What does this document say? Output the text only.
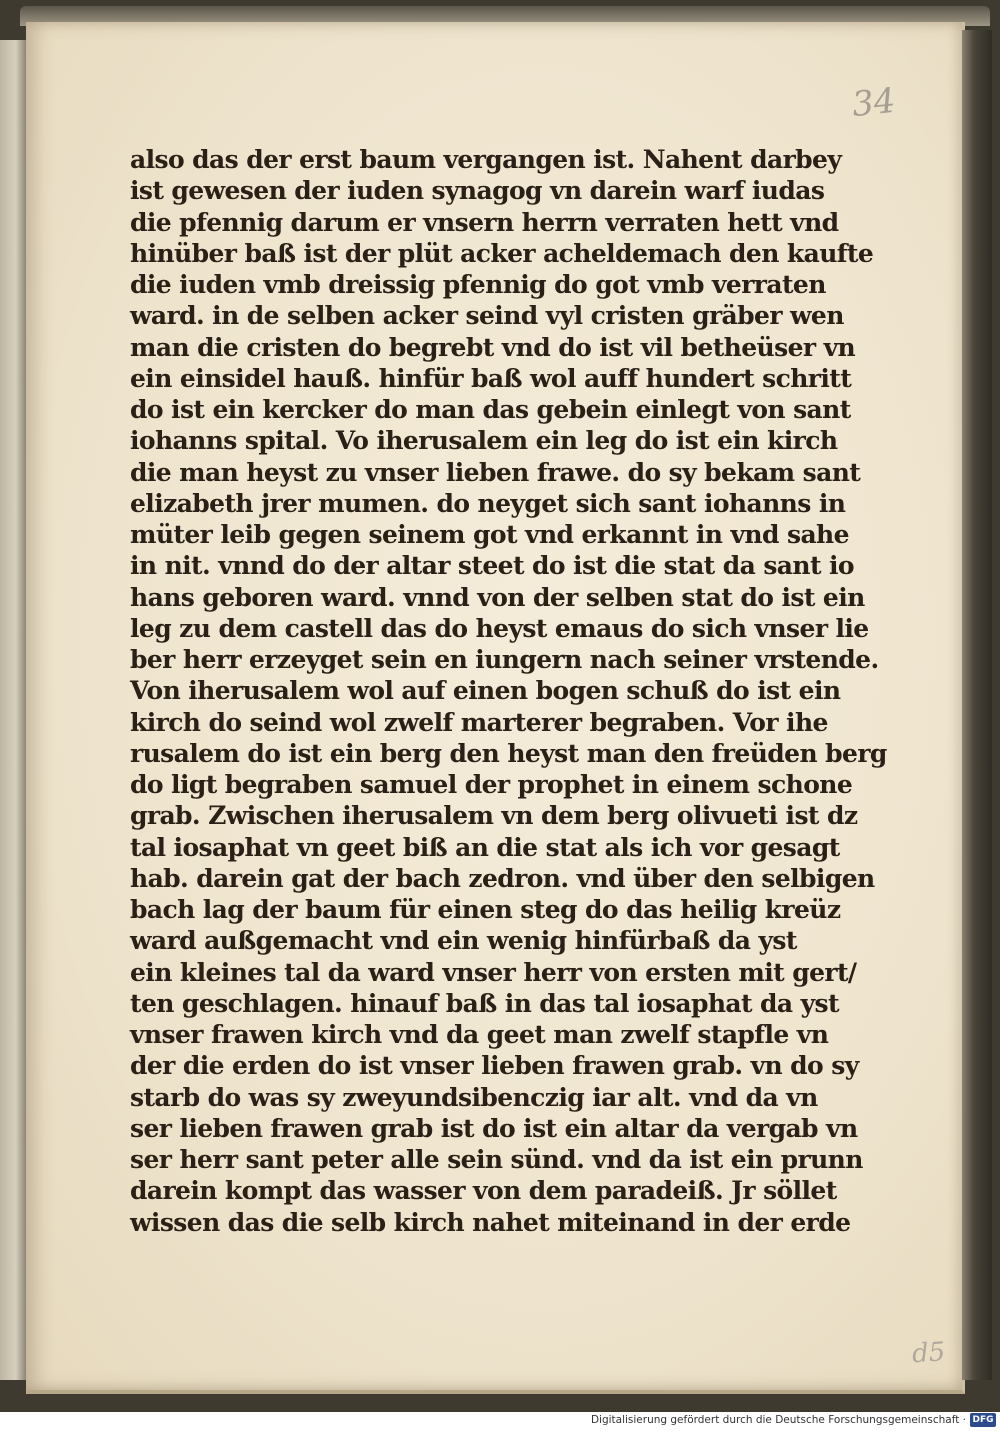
34
also das der erst baum vergangen ist. Nahent darbey
ist gewesen der iuden synagog vn darein warf iudas
die pfennig darum er vnsern herrn verraten hett vnd
hinüber baß ist der plüt acker acheldemach den kaufte
die iuden vmb dreissig pfennig do got vmb verraten
ward. in de selben acker seind vyl cristen gräber wen
man die cristen do begrebt vnd do ist vil betheüser vn
ein einsidel hauß. hinfür baß wol auff hundert schritt
do ist ein kercker do man das gebein einlegt von sant
iohanns spital. Vo iherusalem ein leg do ist ein kirch
die man heyst zu vnser lieben frawe. do sy bekam sant
elizabeth jrer mumen. do neyget sich sant iohanns in
müter leib gegen seinem got vnd erkannt in vnd sahe
in nit. vnnd do der altar steet do ist die stat da sant io
hans geboren ward. vnnd von der selben stat do ist ein
leg zu dem castell das do heyst emaus do sich vnser lie
ber herr erzeyget sein en iungern nach seiner vrstende.
Von iherusalem wol auf einen bogen schuß do ist ein
kirch do seind wol zwelf marterer begraben. Vor ihe
rusalem do ist ein berg den heyst man den freüden berg
do ligt begraben samuel der prophet in einem schone
grab. Zwischen iherusalem vn dem berg olivueti ist dz
tal iosaphat vn geet biß an die stat als ich vor gesagt
hab. darein gat der bach zedron. vnd über den selbigen
bach lag der baum für einen steg do das heilig kreüz
ward außgemacht vnd ein wenig hinfürbaß da yst
ein kleines tal da ward vnser herr von ersten mit gert/
ten geschlagen. hinauf baß in das tal iosaphat da yst
vnser frawen kirch vnd da geet man zwelf stapfle vn
der die erden do ist vnser lieben frawen grab. vn do sy
starb do was sy zweyundsibenczig iar alt. vnd da vn
ser lieben frawen grab ist do ist ein altar da vergab vn
ser herr sant peter alle sein sünd. vnd da ist ein prunn
darein kompt das wasser von dem paradeiß. Jr söllet
wissen das die selb kirch nahet miteinand in der erde
d5
Digitalisierung gefördert durch die Deutsche Forschungsgemeinschaft · DFG
